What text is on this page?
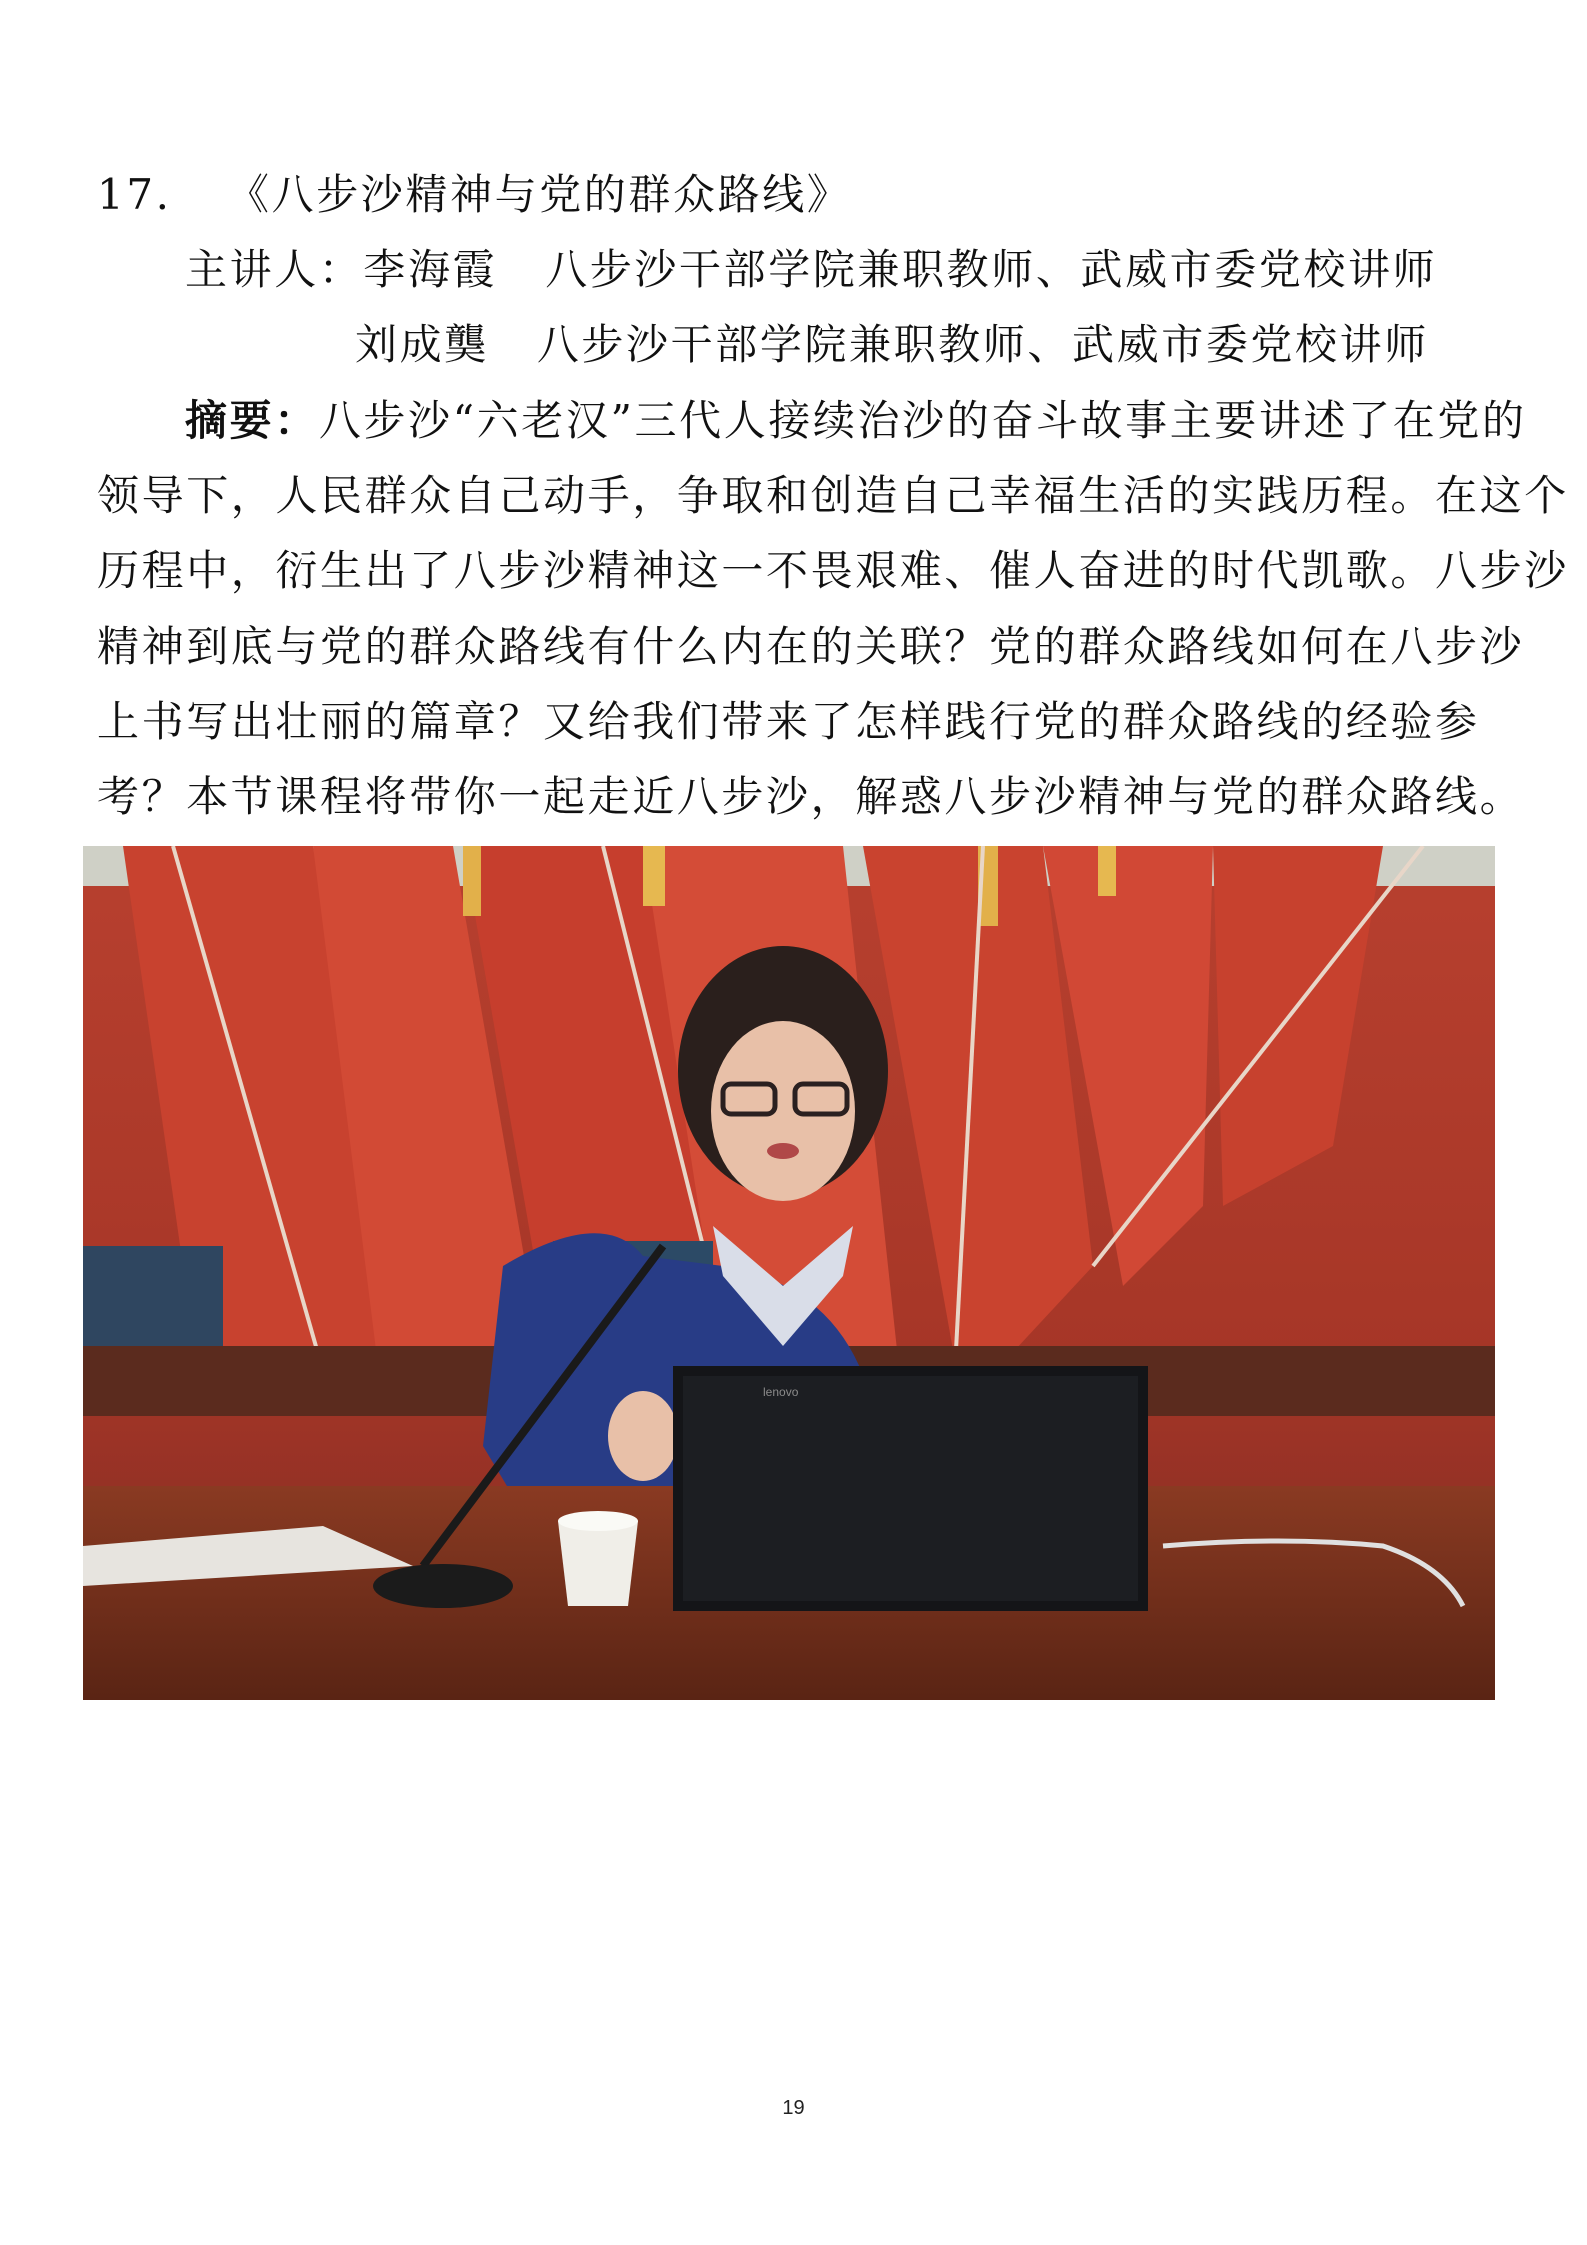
17. 《八步沙精神与党的群众路线》
主讲人：李海霞 八步沙干部学院兼职教师、武威市委党校讲师
刘成龑 八步沙干部学院兼职教师、武威市委党校讲师
摘要：八步沙“六老汉”三代人接续治沙的奋斗故事主要讲述了在党的
领导下，人民群众自己动手，争取和创造自己幸福生活的实践历程。在这个
历程中，衍生出了八步沙精神这一不畏艰难、催人奋进的时代凯歌。八步沙
精神到底与党的群众路线有什么内在的关联？党的群众路线如何在八步沙
上书写出壮丽的篇章？又给我们带来了怎样践行党的群众路线的经验参
考？本节课程将带你一起走近八步沙，解惑八步沙精神与党的群众路线。
lenovo
19
